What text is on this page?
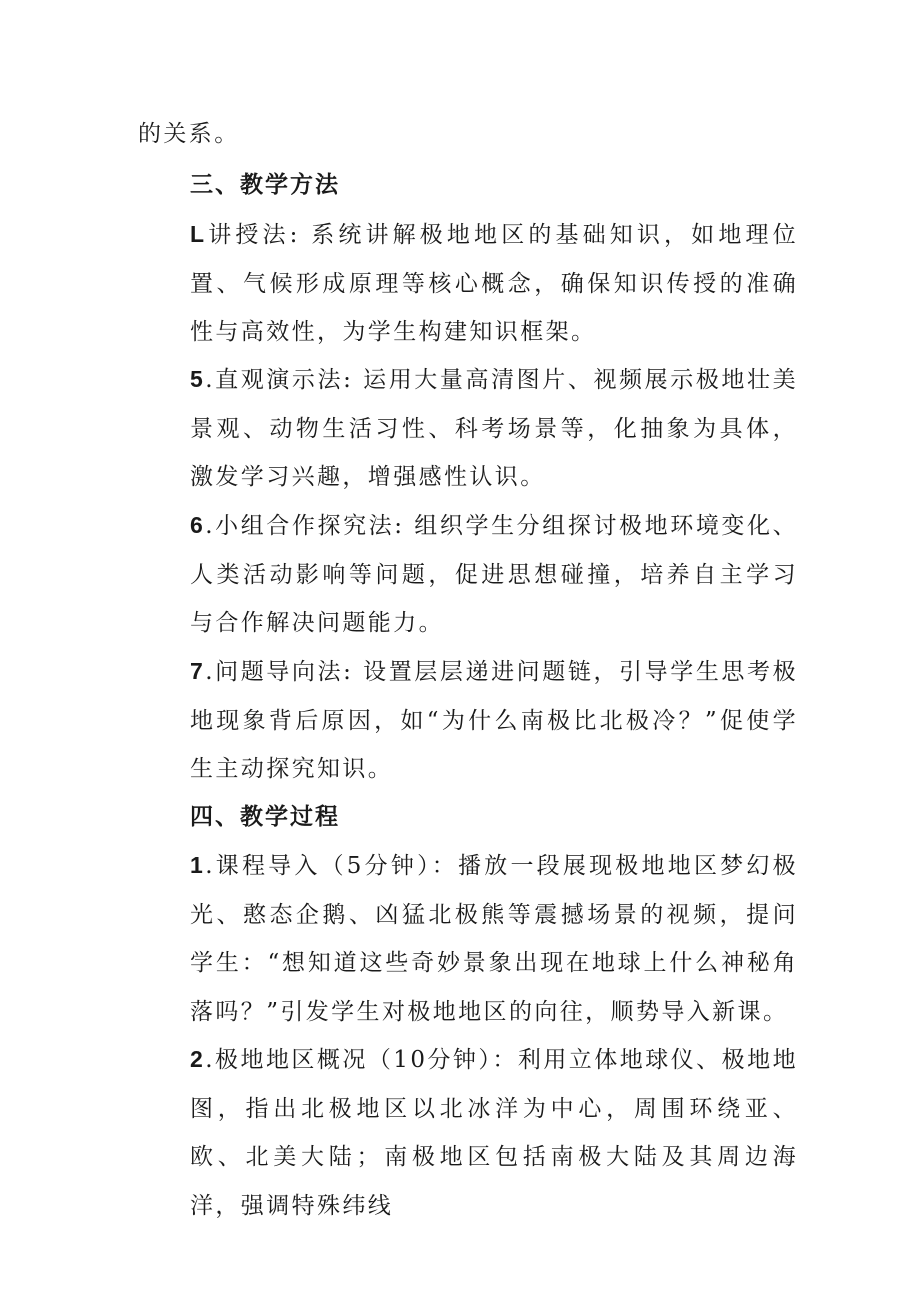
的关系。
三、教学方法
L讲授法: 系统讲解极地地区的基础知识，如地理位置、气候形成原理等核心概念，确保知识传授的准确性与高效性，为学生构建知识框架。
5.直观演示法: 运用大量高清图片、视频展示极地壮美景观、动物生活习性、科考场景等，化抽象为具体，激发学习兴趣，增强感性认识。
6.小组合作探究法: 组织学生分组探讨极地环境变化、人类活动影响等问题，促进思想碰撞，培养自主学习与合作解决问题能力。
7.问题导向法: 设置层层递进问题链，引导学生思考极地现象背后原因，如“为什么南极比北极冷？”促使学生主动探究知识。
四、教学过程
1.课程导入（5分钟）：播放一段展现极地地区梦幻极光、憨态企鹅、凶猛北极熊等震撼场景的视频，提问学生：“想知道这些奇妙景象出现在地球上什么神秘角落吗？”引发学生对极地地区的向往，顺势导入新课。
2.极地地区概况（10分钟）：利用立体地球仪、极地地图，指出北极地区以北冰洋为中心，周围环绕亚、欧、北美大陆；南极地区包括南极大陆及其周边海洋，强调特殊纬线
